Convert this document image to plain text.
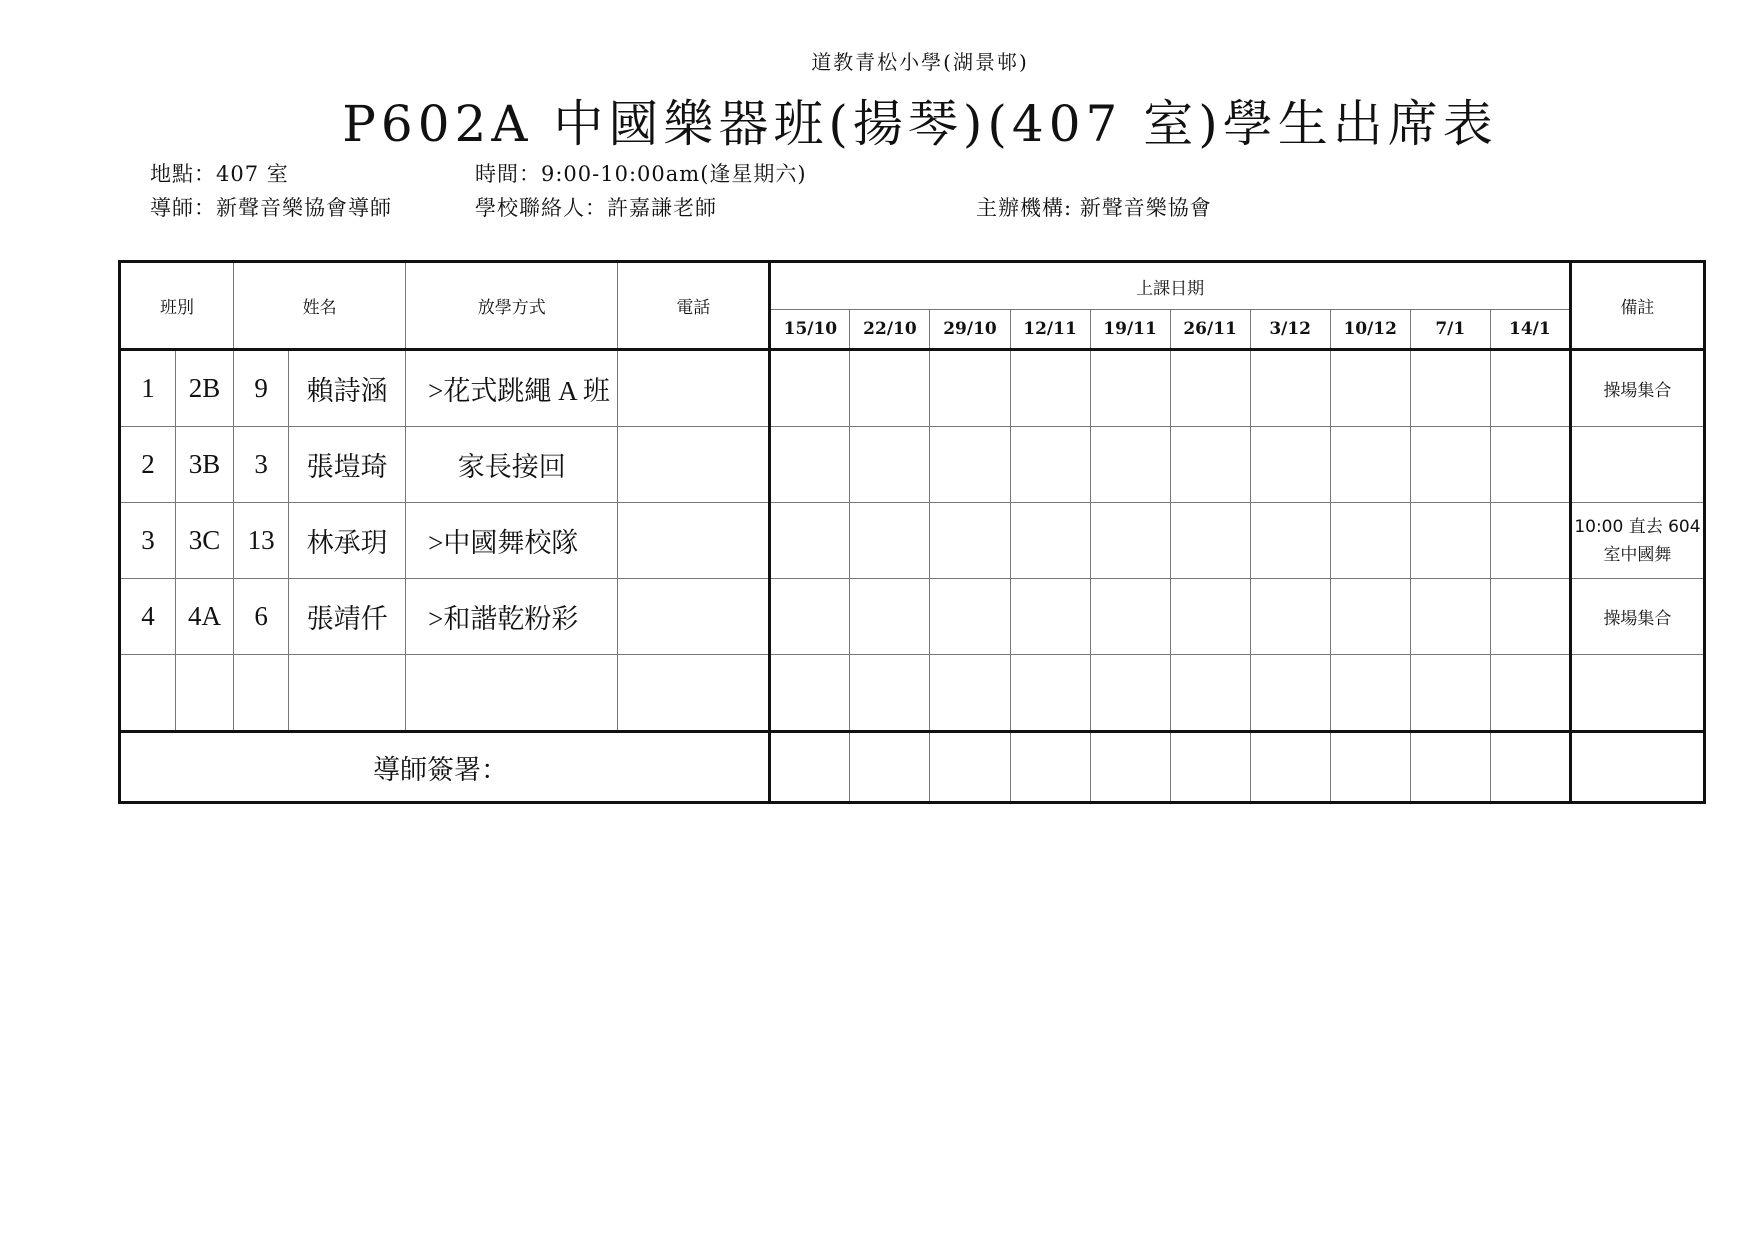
道教青松小學(湖景邨)
P602A 中國樂器班(揚琴)(407 室)學生出席表
地點：407 室	時間：9:00-10:00am(逢星期六)
導師：新聲音樂協會導師	學校聯絡人：許嘉謙老師	主辦機構: 新聲音樂協會
班別		姓名		放學方式	電話	上課日期										備註
						15/10	22/10	29/10	12/11	19/11	26/11	3/12	10/12	7/1	14/1	
1	2B	9	賴詩涵	>花式跳繩 A 班												操場集合
2	3B	3	張塏琦	家長接回												
3	3C	13	林承玥	>中國舞校隊												10:00 直去 604 室中國舞
4	4A	6	張靖仟	>和諧乾粉彩												操場集合

導師簽署：																
